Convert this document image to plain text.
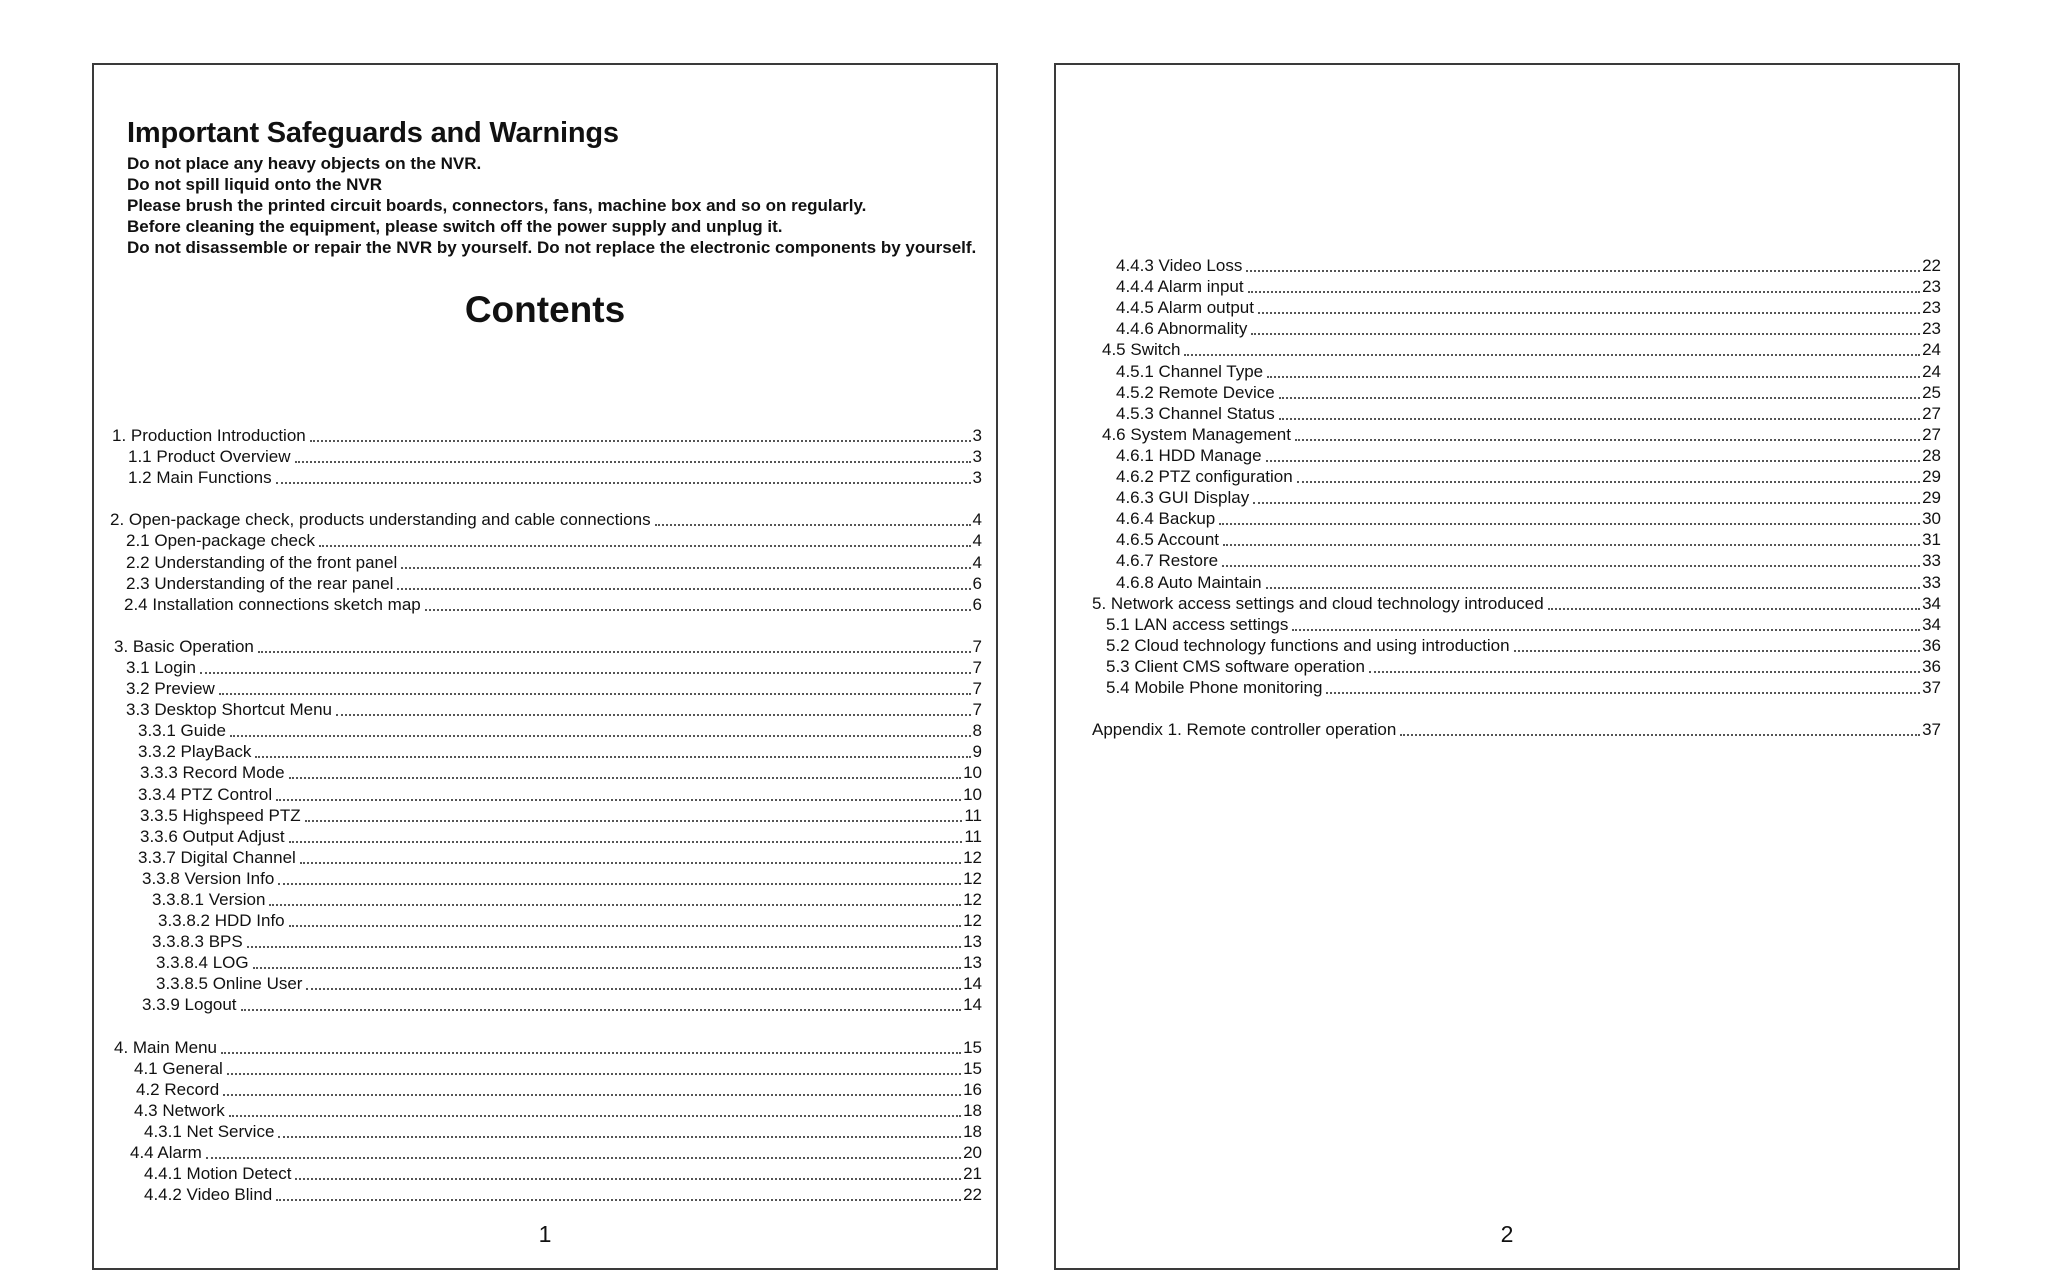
Important Safeguards and Warnings
Do not place any heavy objects on the NVR.
Do not spill liquid onto the NVR
Please brush the printed circuit boards, connectors, fans, machine box and so on regularly.
Before cleaning the equipment, please switch off the power supply and unplug it.
Do not disassemble or repair the NVR by yourself. Do not replace the electronic components by yourself.
Contents
1. Production Introduction	3
1.1 Product Overview	3
1.2 Main Functions	3
2. Open-package check, products understanding and cable connections	4
2.1 Open-package check	4
2.2 Understanding of the front panel	4
2.3 Understanding of the rear panel	6
2.4 Installation connections sketch map	6
3. Basic Operation	7
3.1 Login	7
3.2 Preview	7
3.3 Desktop Shortcut Menu	7
3.3.1 Guide	8
3.3.2 PlayBack	9
3.3.3 Record Mode	10
3.3.4 PTZ Control	10
3.3.5 Highspeed PTZ	11
3.3.6 Output Adjust	11
3.3.7 Digital Channel	12
3.3.8 Version Info	12
3.3.8.1 Version	12
3.3.8.2 HDD Info	12
3.3.8.3 BPS	13
3.3.8.4 LOG	13
3.3.8.5 Online User	14
3.3.9 Logout	14
4. Main Menu	15
4.1 General	15
4.2 Record	16
4.3 Network	18
4.3.1 Net Service	18
4.4 Alarm	20
4.4.1 Motion Detect	21
4.4.2 Video Blind	22
1
4.4.3 Video Loss	22
4.4.4 Alarm input	23
4.4.5 Alarm output	23
4.4.6 Abnormality	23
4.5 Switch	24
4.5.1 Channel Type	24
4.5.2 Remote Device	25
4.5.3 Channel Status	27
4.6 System Management	27
4.6.1 HDD Manage	28
4.6.2 PTZ configuration	29
4.6.3 GUI Display	29
4.6.4 Backup	30
4.6.5 Account	31
4.6.7 Restore	33
4.6.8 Auto Maintain	33
5. Network access settings and cloud technology introduced	34
5.1 LAN access settings	34
5.2 Cloud technology functions and using introduction	36
5.3 Client CMS software operation	36
5.4 Mobile Phone monitoring	37
Appendix 1. Remote controller operation	37
2
